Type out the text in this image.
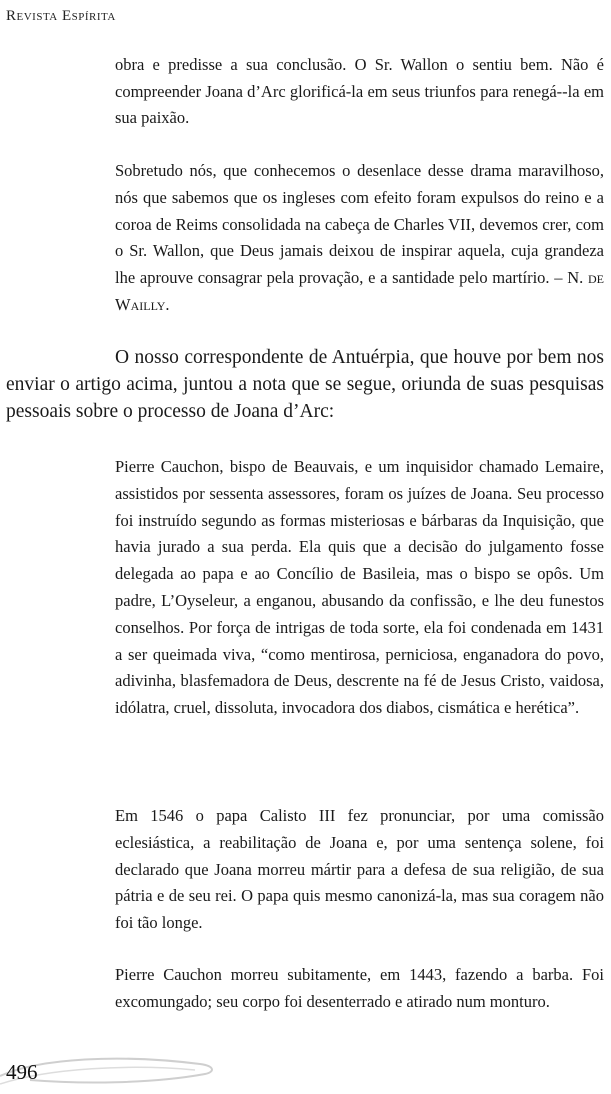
Revista Espírita

obra e predisse a sua conclusão. O Sr. Wallon o sentiu bem. Não é compreender Joana d’Arc glorificá-la em seus triunfos para renegá--la em sua paixão.

Sobretudo nós, que conhecemos o desenlace desse drama maravilhoso, nós que sabemos que os ingleses com efeito foram expulsos do reino e a coroa de Reims consolidada na cabeça de Charles VII, devemos crer, com o Sr. Wallon, que Deus jamais deixou de inspirar aquela, cuja grandeza lhe aprouve consagrar pela provação, e a santidade pelo martírio. – N. de Wailly.

O nosso correspondente de Antuérpia, que houve por bem nos enviar o artigo acima, juntou a nota que se segue, oriunda de suas pesquisas pessoais sobre o processo de Joana d’Arc:

Pierre Cauchon, bispo de Beauvais, e um inquisidor chamado Lemaire, assistidos por sessenta assessores, foram os juízes de Joana. Seu processo foi instruído segundo as formas misteriosas e bárbaras da Inquisição, que havia jurado a sua perda. Ela quis que a decisão do julgamento fosse delegada ao papa e ao Concílio de Basileia, mas o bispo se opôs. Um padre, L’Oyseleur, a enganou, abusando da confissão, e lhe deu funestos conselhos. Por força de intrigas de toda sorte, ela foi condenada em 1431 a ser queimada viva, “como mentirosa, perniciosa, enganadora do povo, adivinha, blasfemadora de Deus, descrente na fé de Jesus Cristo, vaidosa, idólatra, cruel, dissoluta, invocadora dos diabos, cismática e herética”.

Em 1546 o papa Calisto III fez pronunciar, por uma comissão eclesiástica, a reabilitação de Joana e, por uma sentença solene, foi declarado que Joana morreu mártir para a defesa de sua religião, de sua pátria e de seu rei. O papa quis mesmo canonizá-la, mas sua coragem não foi tão longe.

Pierre Cauchon morreu subitamente, em 1443, fazendo a barba. Foi excomungado; seu corpo foi desenterrado e atirado num monturo.

496
